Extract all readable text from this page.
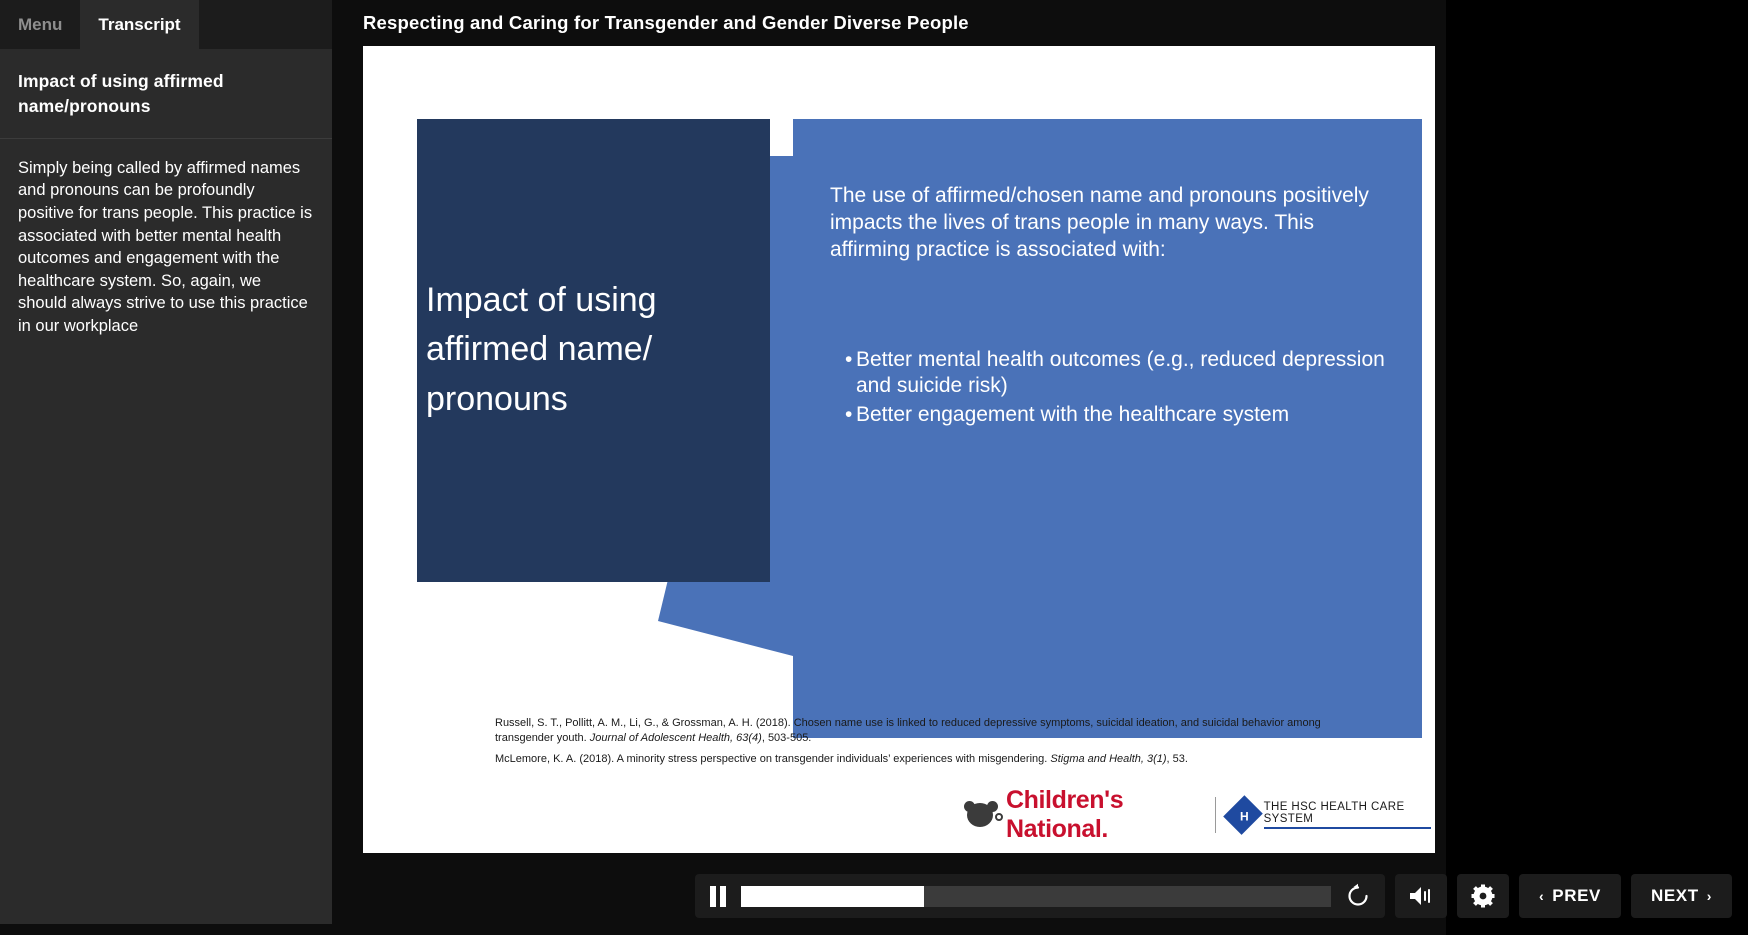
Menu Transcript
Impact of using affirmed name/pronouns
Simply being called by affirmed names and pronouns can be profoundly positive for trans people. This practice is associated with better mental health outcomes and engagement with the healthcare system. So, again, we should always strive to use this practice in our workplace
Respecting and Caring for Transgender and Gender Diverse People
The use of affirmed/chosen name and pronouns positively impacts the lives of trans people in many ways. This affirming practice is associated with:
• Better mental health outcomes (e.g., reduced depression and suicide risk)
• Better engagement with the healthcare system
Impact of using affirmed name/ pronouns

Russell, S. T., Pollitt, A. M., Li, G., & Grossman, A. H. (2018). Chosen name use is linked to reduced depressive symptoms, suicidal ideation, and suicidal behavior among transgender youth. Journal of Adolescent Health, 63(4), 503-505.

McLemore, K. A. (2018). A minority stress perspective on transgender individuals’ experiences with misgendering. Stigma and Health, 3(1), 53.

Children's National.	H
THE HSC HEALTH CARE SYSTEM
‹ PREV	NEXT ›
